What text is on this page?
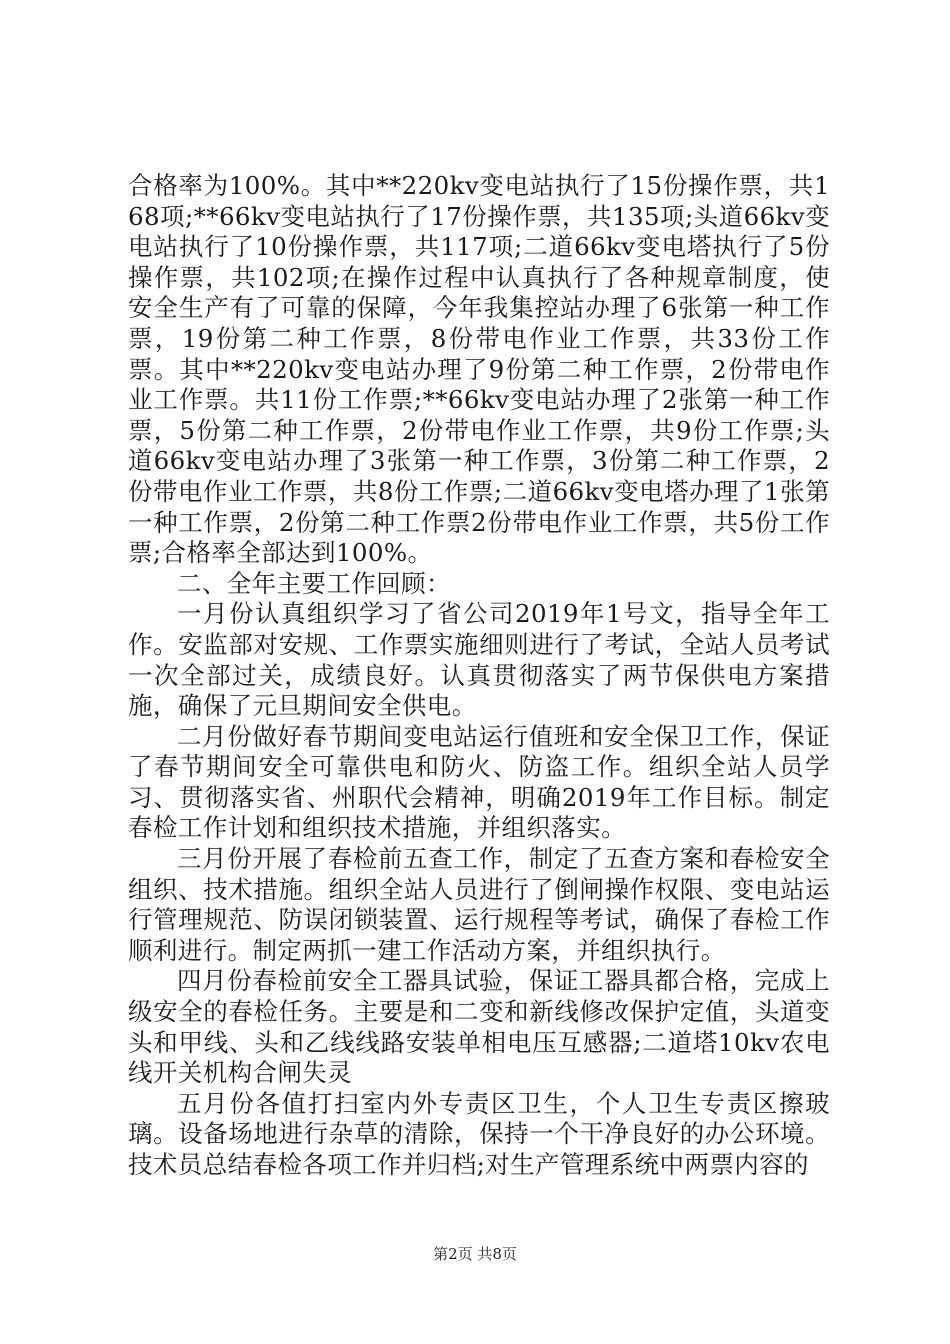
合格率为100%。其中**220kv变电站执行了15份操作票，共168项;**66kv变电站执行了17份操作票，共135项;头道66kv变电站执行了10份操作票，共117项;二道66kv变电塔执行了5份操作票，共102项;在操作过程中认真执行了各种规章制度，使安全生产有了可靠的保障，今年我集控站办理了6张第一种工作票，19份第二种工作票，8份带电作业工作票，共33份工作票。其中**220kv变电站办理了9份第二种工作票，2份带电作业工作票。共11份工作票;**66kv变电站办理了2张第一种工作票，5份第二种工作票，2份带电作业工作票，共9份工作票;头道66kv变电站办理了3张第一种工作票，3份第二种工作票，2份带电作业工作票，共8份工作票;二道66kv变电塔办理了1张第一种工作票，2份第二种工作票2份带电作业工作票，共5份工作票;合格率全部达到100%。

二、全年主要工作回顾：

一月份认真组织学习了省公司2019年1号文，指导全年工作。安监部对安规、工作票实施细则进行了考试，全站人员考试一次全部过关，成绩良好。认真贯彻落实了两节保供电方案措施，确保了元旦期间安全供电。

二月份做好春节期间变电站运行值班和安全保卫工作，保证了春节期间安全可靠供电和防火、防盗工作。组织全站人员学习、贯彻落实省、州职代会精神，明确2019年工作目标。制定春检工作计划和组织技术措施，并组织落实。

三月份开展了春检前五查工作，制定了五查方案和春检安全组织、技术措施。组织全站人员进行了倒闸操作权限、变电站运行管理规范、防误闭锁装置、运行规程等考试，确保了春检工作顺利进行。制定两抓一建工作活动方案，并组织执行。

四月份春检前安全工器具试验，保证工器具都合格，完成上级安全的春检任务。主要是和二变和新线修改保护定值，头道变头和甲线、头和乙线线路安装单相电压互感器;二道塔10kv农电线开关机构合闸失灵

五月份各值打扫室内外专责区卫生，个人卫生专责区擦玻璃。设备场地进行杂草的清除，保持一个干净良好的办公环境。技术员总结春检各项工作并归档;对生产管理系统中两票内容的

第2页 共8页
